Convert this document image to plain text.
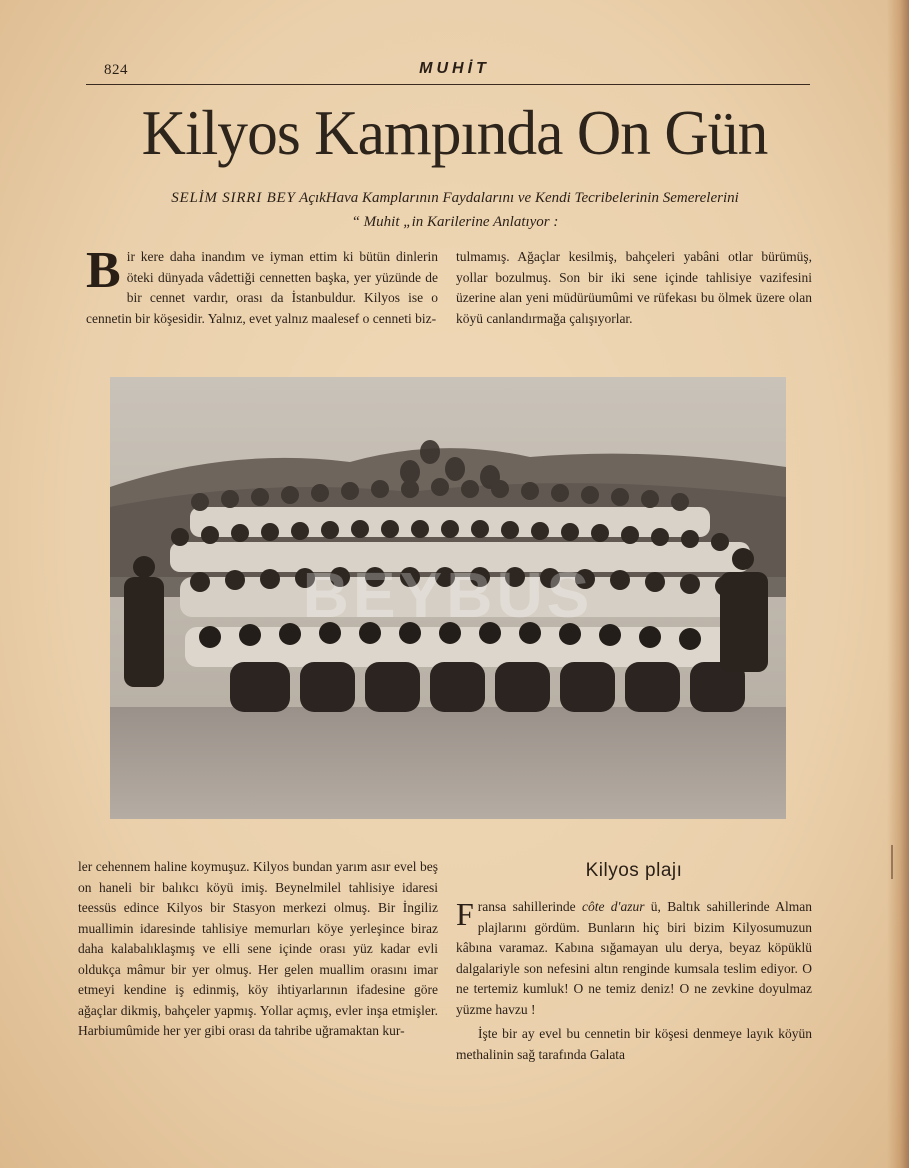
824	MUHİT
Kilyos Kampında On Gün
SELİM SIRRI BEY AçıkHava Kamplarının Faydalarını ve Kendi Tecribelerinin Semerelerini
“ Muhit „in Karilerine Anlatıyor :

Bir kere daha inandım ve iyman ettim ki bütün dinlerin öteki dünyada vâdettiği cennetten başka, yer yüzünde de bir cennet vardır, orası da İstanbuldur. Kilyos ise o cennetin bir köşesidir. Yalnız, evet yalnız maalesef o cenneti biz-

tulmamış. Ağaçlar kesilmiş, bahçeleri yabâni otlar bürümüş, yollar bozulmuş. Son bir iki sene içinde tahlisiye vazifesini üzerine alan yeni müdürüumûmi ve rüfekası bu ölmek üzere olan köyü canlandırmağa çalışıyorlar.

BEYBUS

ler cehennem haline koymuşuz. Kilyos bundan yarım asır evel beş on haneli bir balıkcı köyü imiş. Beynelmilel tahlisiye idaresi teessüs edince Kilyos bir Stasyon merkezi olmuş. Bir İngiliz muallimin idaresinde tahlisiye memurları köye yerleşince biraz daha kalabalıklaşmış ve elli sene içinde orası yüz kadar evli oldukça mâmur bir yer olmuş. Her gelen muallim orasını imar etmeyi kendine iş edinmiş, köy ihtiyarlarının ifadesine göre ağaçlar dikmiş, bahçeler yapmış. Yollar açmış, evler inşa etmişler. Harbiumûmide her yer gibi orası da tahribe uğramaktan kur-

Kilyos plajı

Fransa sahillerinde côte d'azur ü, Baltık sahillerinde Alman plajlarını gördüm. Bunların hiç biri bizim Kilyosumuzun kâbına varamaz. Kabına sığamayan ulu derya, beyaz köpüklü dalgalariyle son nefesini altın renginde kumsala teslim ediyor. O ne tertemiz kumluk! O ne temiz deniz! O ne zevkine doyulmaz yüzme havzu !

İşte bir ay evel bu cennetin bir köşesi denmeye layık köyün methalinin sağ tarafında Galata
